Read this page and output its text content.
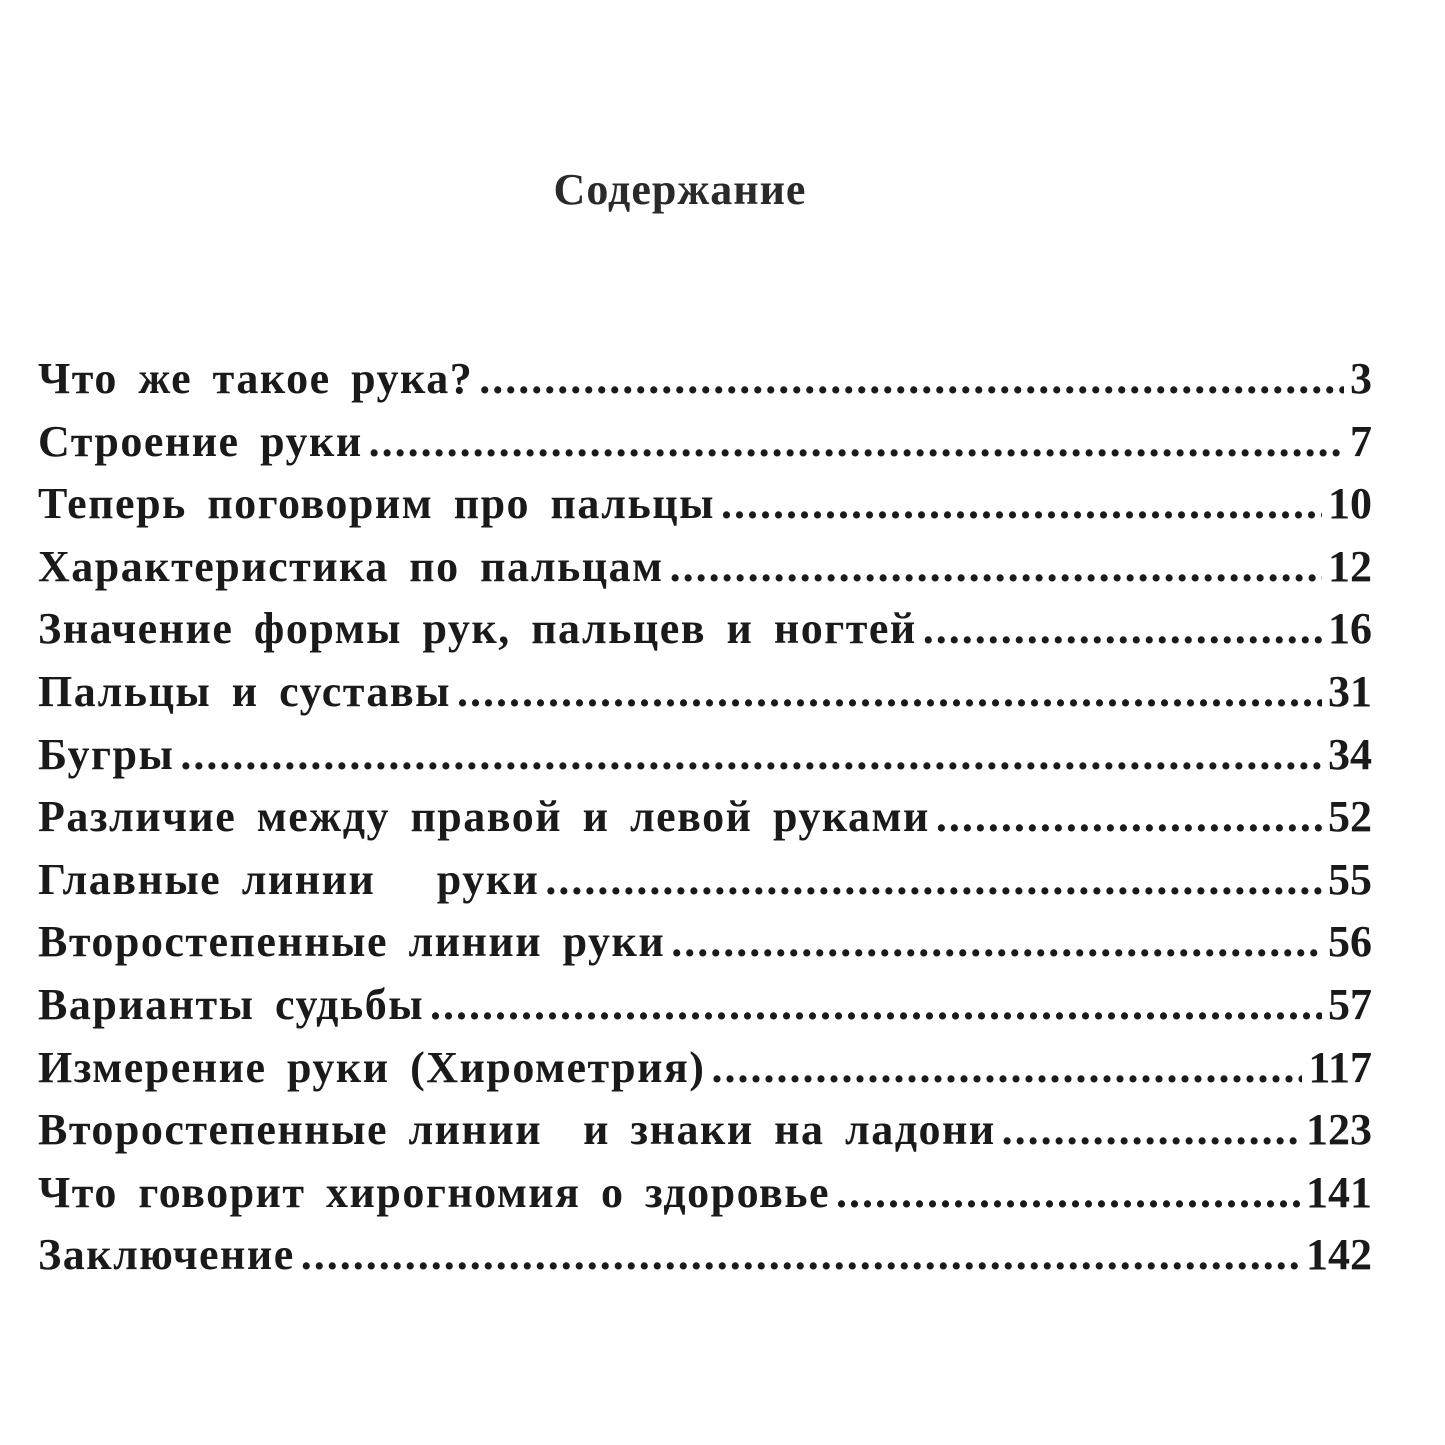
Содержание
Что же такое рука? .....	3
Строение руки .....	7
Теперь поговорим про пальцы .....	10
Характеристика по пальцам .....	12
Значение формы рук, пальцев и ногтей .....	16
Пальцы и суставы .....	31
Бугры .....	34
Различие между правой и левой руками .....	52
Главные линии   руки .....	55
Второстепенные линии руки .....	56
Варианты судьбы .....	57
Измерение руки (Хирометрия) .....	117
Второстепенные линии  и знаки на ладони .....	123
Что говорит хирогномия о здоровье .....	141
Заключение .....	142
